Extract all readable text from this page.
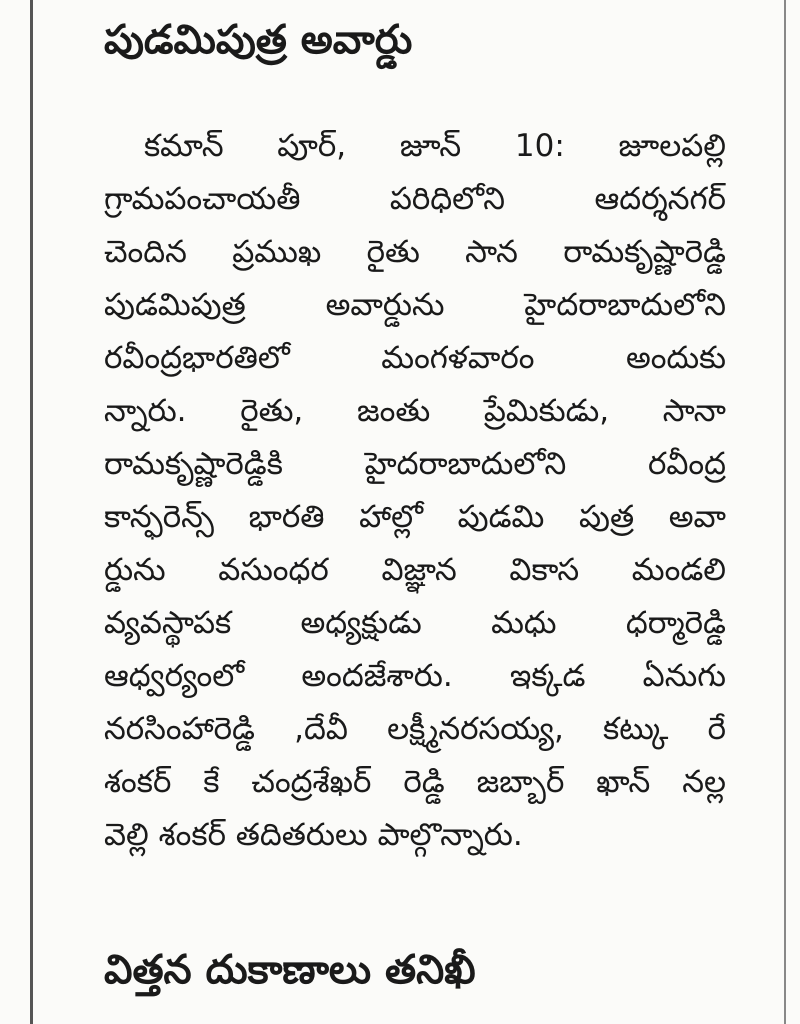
పుడమిపుత్ర అవార్డు
కమాన్ పూర్, జూన్ 10: జూలపల్లి
గ్రామపంచాయతీ పరిధిలోని ఆదర్శనగర్
చెందిన ప్రముఖ రైతు సాన రామకృష్ణారెడ్డి
పుడమిపుత్ర అవార్డును హైదరాబాదులోని
రవీంద్రభారతిలో మంగళవారం అందుకు
న్నారు. రైతు, జంతు ప్రేమికుడు, సానా
రామకృష్ణారెడ్డికి హైదరాబాదులోని రవీంద్ర
కాన్ఫరెన్స్ భారతి హాల్లో పుడమి పుత్ర అవా
ర్డును వసుంధర విజ్ఞాన వికాస మండలి
వ్యవస్థాపక అధ్యక్షుడు మధు ధర్మారెడ్డి
ఆధ్వర్యంలో అందజేశారు. ఇక్కడ ఏనుగు
నరసింహారెడ్డి ,దేవీ లక్ష్మీనరసయ్య, కట్కు రే
శంకర్ కే చంద్రశేఖర్ రెడ్డి జబ్బార్ ఖాన్ నల్ల
వెల్లి శంకర్ తదితరులు పాల్గొన్నారు.
విత్తన దుకాణాలు తనిఖీ
